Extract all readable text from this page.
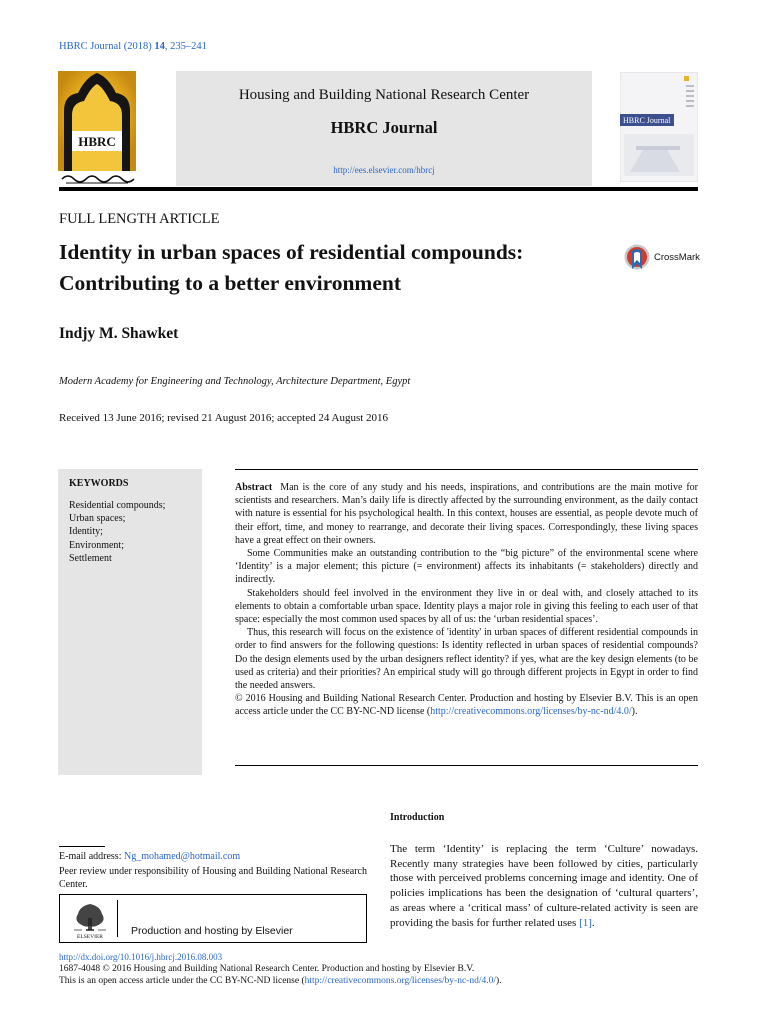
HBRC Journal (2018) 14, 235–241
HBRC
Housing and Building National Research Center
HBRC Journal
http://ees.elsevier.com/hbrcj
HBRC Journal
FULL LENGTH ARTICLE
Identity in urban spaces of residential compounds:
Contributing to a better environment
CrossMark
Indjy M. Shawket
Modern Academy for Engineering and Technology, Architecture Department, Egypt
Received 13 June 2016; revised 21 August 2016; accepted 24 August 2016
KEYWORDS
Residential compounds;
Urban spaces;
Identity;
Environment;
Settlement

Abstract Man is the core of any study and his needs, inspirations, and contributions are the main motive for scientists and researchers. Man’s daily life is directly affected by the surrounding environment, as the daily contact with nature is essential for his psychological health. In this context, houses are essential, as people devote much of their effort, time, and money to rearrange, and decorate their living spaces. Correspondingly, these living spaces have a great effect on their owners.

Some Communities make an outstanding contribution to the “big picture” of the environmental scene where ‘Identity’ is a major element; this picture (= environment) affects its inhabitants (= stakeholders) directly and indirectly.

Stakeholders should feel involved in the environment they live in or deal with, and closely attached to its elements to obtain a comfortable urban space. Identity plays a major role in giving this feeling to each user of that space: especially the most common used spaces by all of us: the ‘urban residential spaces’.

Thus, this research will focus on the existence of 'identity' in urban spaces of different residential compounds in order to find answers for the following questions: Is identity reflected in urban spaces of residential compounds? Do the design elements used by the urban designers reflect identity? if yes, what are the key design elements (to be used as criteria) and their priorities? An empirical study will go through different projects in Egypt in order to find the needed answers.
© 2016 Housing and Building National Research Center. Production and hosting by Elsevier B.V. This is an open access article under the CC BY-NC-ND license (http://creativecommons.org/licenses/by-nc-nd/4.0/).

Introduction
The term ‘Identity’ is replacing the term ‘Culture’ nowadays. Recently many strategies have been followed by cities, particularly those with perceived problems concerning image and identity. One of policies implications has been the designation of ‘cultural quarters’, as areas where a ‘critical mass’ of culture-related activity is seen are providing the basis for further related uses [1].
E-mail address: Ng_mohamed@hotmail.com
Peer review under responsibility of Housing and Building National Research Center.
ELSEVIER	Production and hosting by Elsevier
http://dx.doi.org/10.1016/j.hbrcj.2016.08.003
1687-4048 © 2016 Housing and Building National Research Center. Production and hosting by Elsevier B.V.
This is an open access article under the CC BY-NC-ND license (http://creativecommons.org/licenses/by-nc-nd/4.0/).
